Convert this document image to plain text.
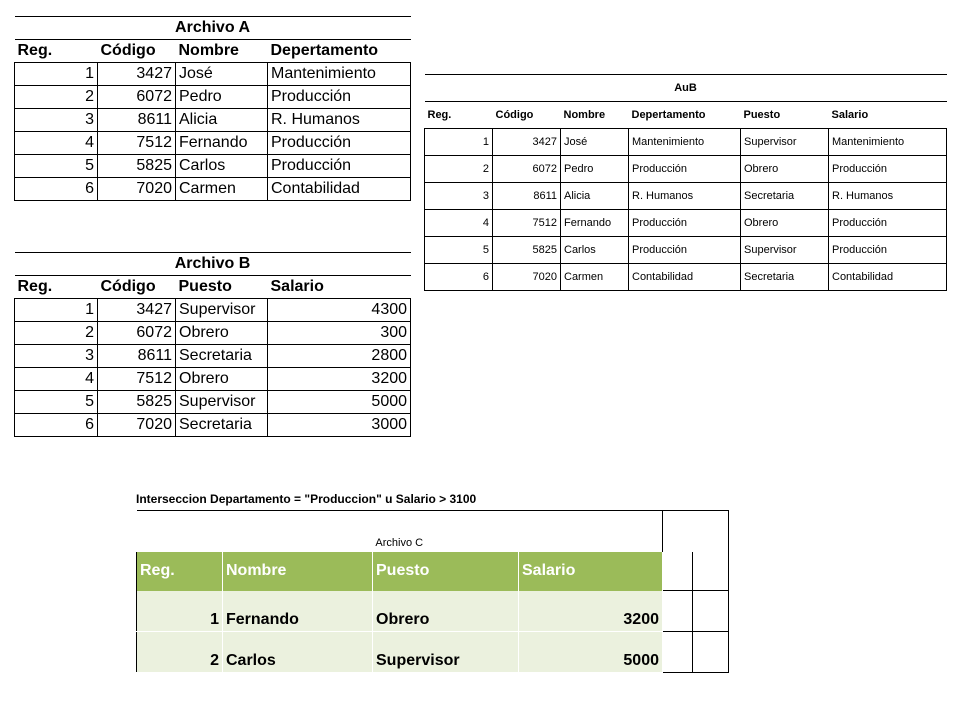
Archivo A			
Reg.	Código	Nombre	Depertamento
1	3427	José	Mantenimiento
2	6072	Pedro	Producción
3	8611	Alicia	R. Humanos
4	7512	Fernando	Producción
5	5825	Carlos	Producción
6	7020	Carmen	Contabilidad
Archivo B			
Reg.	Código	Puesto	Salario
1	3427	Supervisor	4300
2	6072	Obrero	300
3	8611	Secretaria	2800
4	7512	Obrero	3200
5	5825	Supervisor	5000
6	7020	Secretaria	3000
AuB					
Reg.	Código	Nombre	Depertamento	Puesto	Salario
1	3427	José	Mantenimiento	Supervisor	Mantenimiento
2	6072	Pedro	Producción	Obrero	Producción
3	8611	Alicia	R. Humanos	Secretaria	R. Humanos
4	7512	Fernando	Producción	Obrero	Producción
5	5825	Carlos	Producción	Supervisor	Producción
6	7020	Carmen	Contabilidad	Secretaria	Contabilidad
Interseccion Departamento = "Produccion" u Salario > 3100
Archivo C					
Reg.	Nombre	Puesto	Salario		
1	Fernando	Obrero	3200		
2	Carlos	Supervisor	5000		
